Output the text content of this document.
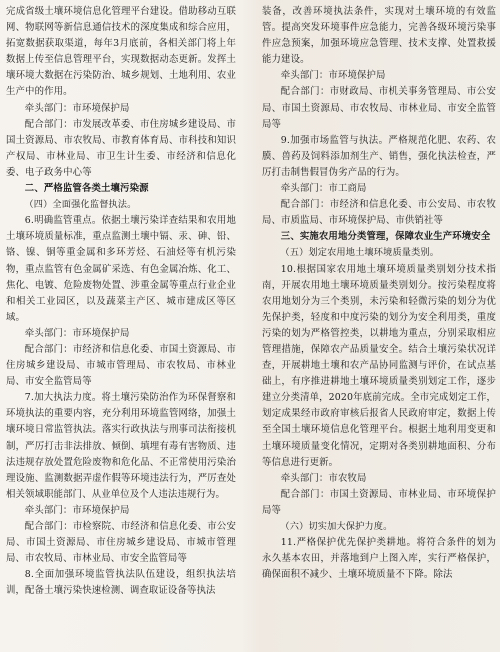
完成省级土壤环境信息化管理平台建设。借助移动互联网、物联网等新信息通信技术的深度集成和综合应用，拓宽数据获取渠道，每年3月底前，各相关部门将上年数据上传至信息管理平台，实现数据动态更新。发挥土壤环境大数据在污染防治、城乡规划、土地利用、农业生产中的作用。

牵头部门：市环境保护局

配合部门：市发展改革委、市住房城乡建设局、市国土资源局、市农牧局、市教育体育局、市科技和知识产权局、市林业局、市卫生计生委、市经济和信息化委、电子政务中心等

二、严格监管各类土壤污染源

（四）全面强化监督执法。

6.明确监管重点。依据土壤污染详查结果和农用地土壤环境质量标准，重点监测土壤中镉、汞、砷、铅、铬、镍、铜等重金属和多环芳烃、石油烃等有机污染物，重点监管有色金属矿采选、有色金属冶炼、化工、焦化、电镀、危险废物处置、涉重金属等重点行业企业和相关工业园区，以及蔬菜主产区、城市建成区等区域。

牵头部门：市环境保护局

配合部门：市经济和信息化委、市国土资源局、市住房城乡建设局、市城市管理局、市农牧局、市林业局、市安全监管局等

7.加大执法力度。将土壤污染防治作为环保督察和环境执法的重要内容，充分利用环境监管网络，加强土壤环境日常监管执法。落实行政执法与刑事司法衔接机制，严厉打击非法排放、倾倒、填埋有毒有害物质、违法违规存放处置危险废物和危化品、不正常使用污染治理设施、监测数据弄虚作假等环境违法行为，严厉查处相关领域职能部门、从业单位及个人违法违规行为。

牵头部门：市环境保护局

配合部门：市检察院、市经济和信息化委、市公安局、市国土资源局、市住房城乡建设局、市城市管理局、市农牧局、市林业局、市安全监管局等

8.全面加强环境监管执法队伍建设，组织执法培训，配备土壤污染快速检测、调查取证设备等执法

装备，改善环境执法条件，实现对土壤环境的有效监管。提高突发环境事件应急能力，完善各级环境污染事件应急预案，加强环境应急管理、技术支撑、处置救援能力建设。

牵头部门：市环境保护局

配合部门：市财政局、市机关事务管理局、市公安局、市国土资源局、市农牧局、市林业局、市安全监管局等

9.加强市场监管与执法。严格规范化肥、农药、农膜、兽药及饲料添加剂生产、销售，强化执法检查，严厉打击制售假冒伪劣产品的行为。

牵头部门：市工商局

配合部门：市经济和信息化委、市公安局、市农牧局、市质监局、市环境保护局、市供销社等

三、实施农用地分类管理，保障农业生产环境安全

（五）划定农用地土壤环境质量类别。

10.根据国家农用地土壤环境质量类别划分技术指南，开展农用地土壤环境质量类别划分。按污染程度将农用地划分为三个类别，未污染和轻微污染的划分为优先保护类，轻度和中度污染的划分为安全利用类，重度污染的划为严格管控类，以耕地为重点，分别采取相应管理措施，保障农产品质量安全。结合土壤污染状况详查，开展耕地土壤和农产品协同监测与评价，在试点基础上，有序推进耕地土壤环境质量类别划定工作，逐步建立分类清单，2020年底前完成。全市完成划定工作，划定成果经市政府审核后报省人民政府审定，数据上传至全国土壤环境信息化管理平台。根据土地利用变更和土壤环境质量变化情况，定期对各类别耕地面积、分布等信息进行更新。

牵头部门：市农牧局

配合部门：市国土资源局、市林业局、市环境保护局等

（六）切实加大保护力度。

11.严格保护优先保护类耕地。将符合条件的划为永久基本农田，并落地到户上图入库，实行严格保护，确保面积不减少、土壤环境质量不下降。除法
